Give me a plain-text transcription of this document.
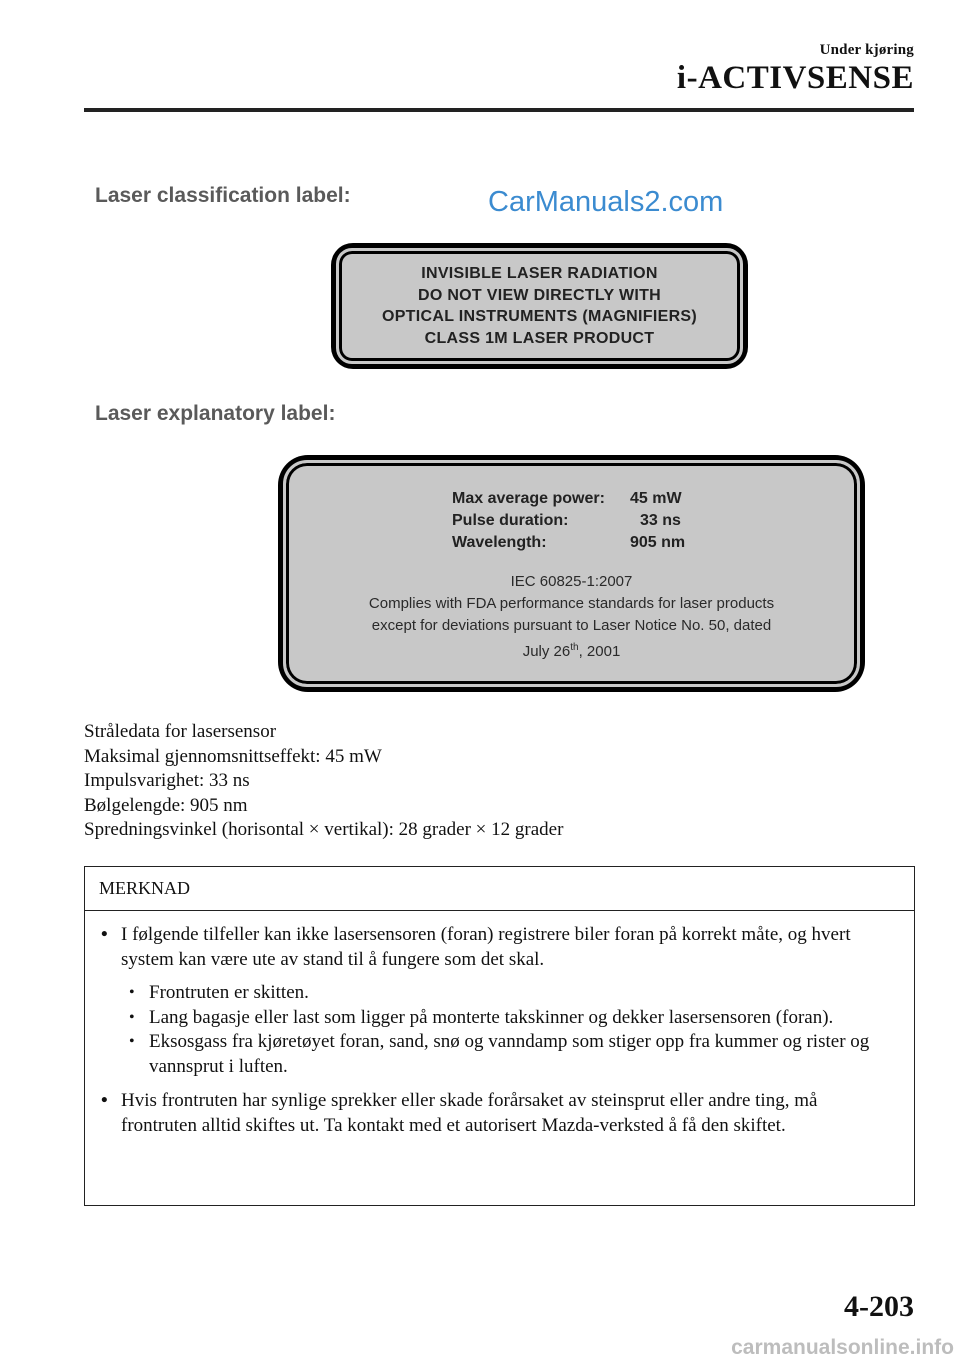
Under kjøring
i-ACTIVSENSE
Laser classification label:	CarManuals2.com
INVISIBLE LASER RADIATION
DO NOT VIEW DIRECTLY WITH
OPTICAL INSTRUMENTS (MAGNIFIERS)
CLASS 1M LASER PRODUCT
Laser explanatory label:
Max average power:	45 mW
Pulse duration:	33 ns
Wavelength:	905 nm
IEC 60825-1:2007
Complies with FDA performance standards for laser products
except for deviations pursuant to Laser Notice No. 50, dated
July 26th, 2001
Stråledata for lasersensor
Maksimal gjennomsnittseffekt: 45 mW
Impulsvarighet: 33 ns
Bølgelengde: 905 nm
Spredningsvinkel (horisontal × vertikal): 28 grader × 12 grader
MERKNAD
• I følgende tilfeller kan ikke lasersensoren (foran) registrere biler foran på korrekt måte, og hvert system kan være ute av stand til å fungere som det skal.
• Frontruten er skitten.
• Lang bagasje eller last som ligger på monterte takskinner og dekker lasersensoren (foran).
• Eksosgass fra kjøretøyet foran, sand, snø og vanndamp som stiger opp fra kummer og rister og vannsprut i luften.
• Hvis frontruten har synlige sprekker eller skade forårsaket av steinsprut eller andre ting, må frontruten alltid skiftes ut. Ta kontakt med et autorisert Mazda-verksted å få den skiftet.
4-203
carmanualsonline.info
